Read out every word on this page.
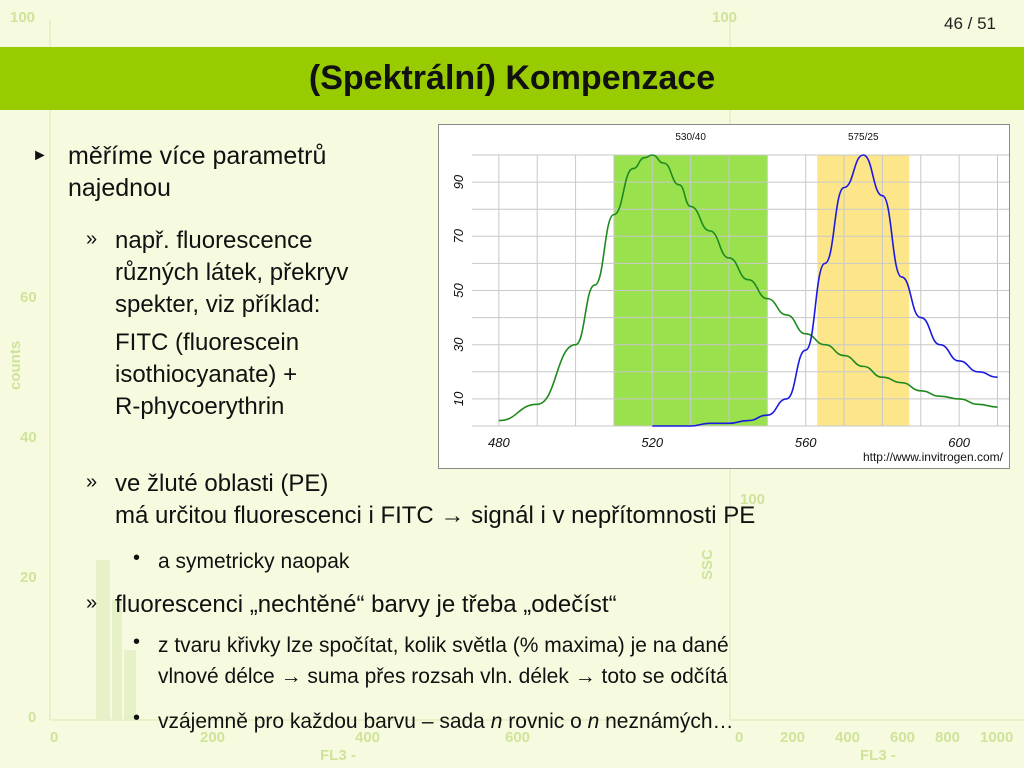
100
60
40
20
0
counts
0	200	400	600
FL3 -
100
100
SSC
0 200 400 600 800 1000
FL3 -
46 / 51
(Spektrální) Kompenzace
► měříme více parametrů
najednou
» např. fluorescence
různých látek, překryv
spekter, viz příklad:
FITC (fluorescein
isothiocyanate) +
R-phycoerythrin
» ve žluté oblasti (PE)
má určitou fluorescenci i FITC → signál i v nepřítomnosti PE
• a symetricky naopak
» fluorescenci „nechtěné“ barvy je třeba „odečíst“
• z tvaru křivky lze spočítat, kolik světla (% maxima) je na dané
vlnové délce → suma přes rozsah vln. délek → toto se odčítá
• vzájemně pro každou barvu – sada n rovnic o n neznámých…
530/40	575/25
480	520	560	600
10
30
50
70
90
http://www.invitrogen.com/
